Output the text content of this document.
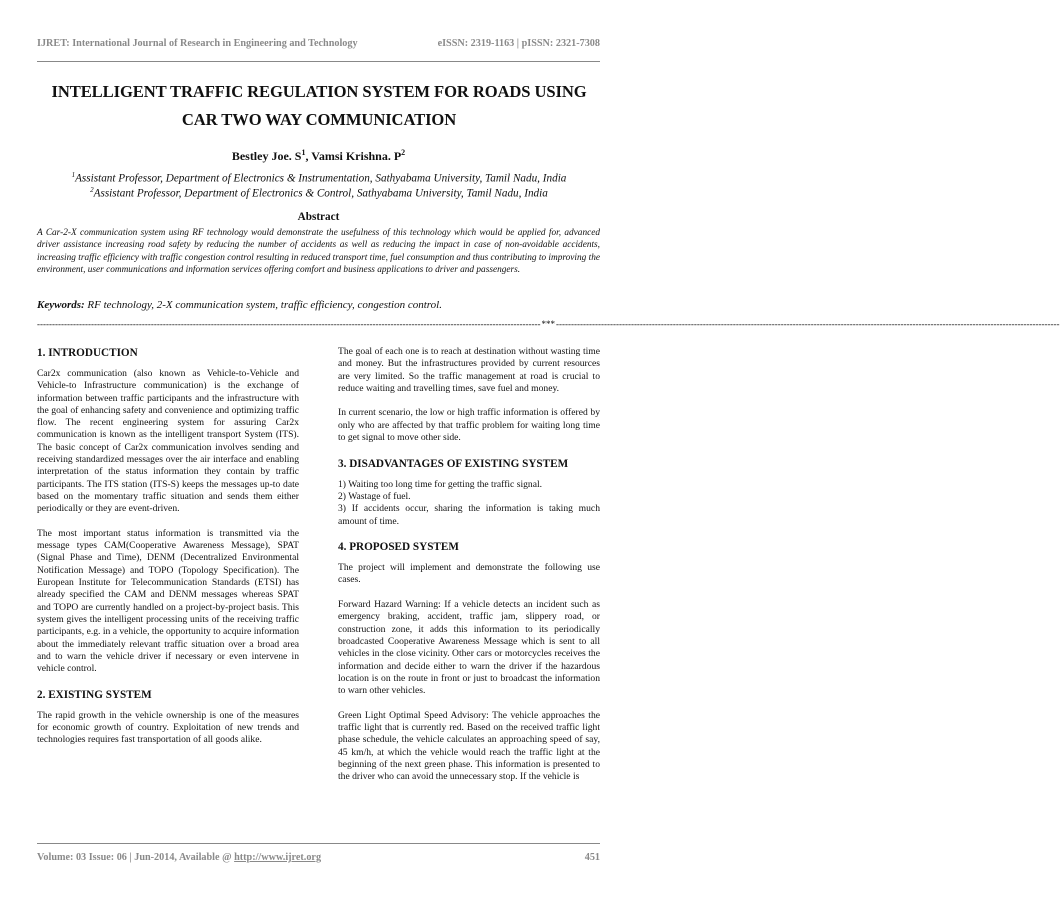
IJRET: International Journal of Research in Engineering and Technology	eISSN: 2319-1163 | pISSN: 2321-7308
INTELLIGENT TRAFFIC REGULATION SYSTEM FOR ROADS USING
CAR TWO WAY COMMUNICATION
Bestley Joe. $S^1$, Vamsi Krishna. $P^2$
$^1$Assistant Professor, Department of Electronics & Instrumentation, Sathyabama University, Tamil Nadu, India
$^2$Assistant Professor, Department of Electronics & Control, Sathyabama University, Tamil Nadu, India
Abstract
A Car-2-X communication system using RF technology would demonstrate the usefulness of this technology which would be applied for, advanced driver assistance increasing road safety by reducing the number of accidents as well as reducing the impact in case of non-avoidable accidents, increasing traffic efficiency with traffic congestion control resulting in reduced transport time, fuel consumption and thus contributing to improving the environment, user communications and information services offering comfort and business applications to driver and passengers.
Keywords: RF technology, 2-X communication system, traffic efficiency, congestion control.
------------------------------------------------------------------------------------------------------------------------------------------------------------------------ *** ------------------------------------------------------------------------------------------------------------------------------------------------------------------------
1. INTRODUCTION

Car2x communication (also known as Vehicle-to-Vehicle and Vehicle-to Infrastructure communication) is the exchange of information between traffic participants and the infrastructure with the goal of enhancing safety and convenience and optimizing traffic flow. The recent engineering system for assuring Car2x communication is known as the intelligent transport System (ITS). The basic concept of Car2x communication involves sending and receiving standardized messages over the air interface and enabling interpretation of the status information they contain by traffic participants. The ITS station (ITS-S) keeps the messages up-to date based on the momentary traffic situation and sends them either periodically or they are event-driven.

The most important status information is transmitted via the message types CAM(Cooperative Awareness Message), SPAT (Signal Phase and Time), DENM (Decentralized Environmental Notification Message) and TOPO (Topology Specification). The European Institute for Telecommunication Standards (ETSI) has already specified the CAM and DENM messages whereas SPAT and TOPO are currently handled on a project-by-project basis. This system gives the intelligent processing units of the receiving traffic participants, e.g. in a vehicle, the opportunity to acquire information about the immediately relevant traffic situation over a broad area and to warn the vehicle driver if necessary or even intervene in vehicle control.

2. EXISTING SYSTEM

The rapid growth in the vehicle ownership is one of the measures for economic growth of country. Exploitation of new trends and technologies requires fast transportation of all goods alike.

The goal of each one is to reach at destination without wasting time and money. But the infrastructures provided by current resources are very limited. So the traffic management at road is crucial to reduce waiting and travelling times, save fuel and money.

In current scenario, the low or high traffic information is offered by only who are affected by that traffic problem for waiting long time to get signal to move other side.

3. DISADVANTAGES OF EXISTING SYSTEM
1) Waiting too long time for getting the traffic signal.
2) Wastage of fuel.
3) If accidents occur, sharing the information is taking much amount of time.
4. PROPOSED SYSTEM

The project will implement and demonstrate the following use cases.

Forward Hazard Warning: If a vehicle detects an incident such as emergency braking, accident, traffic jam, slippery road, or construction zone, it adds this information to its periodically broadcasted Cooperative Awareness Message which is sent to all vehicles in the close vicinity. Other cars or motorcycles receives the information and decide either to warn the driver if the hazardous location is on the route in front or just to broadcast the information to warn other vehicles.

Green Light Optimal Speed Advisory: The vehicle approaches the traffic light that is currently red. Based on the received traffic light phase schedule, the vehicle calculates an approaching speed of say, 45 km/h, at which the vehicle would reach the traffic light at the beginning of the next green phase. This information is presented to the driver who can avoid the unnecessary stop. If the vehicle is

Volume: 03 Issue: 06 | Jun-2014, Available @ http://www.ijret.org	451
